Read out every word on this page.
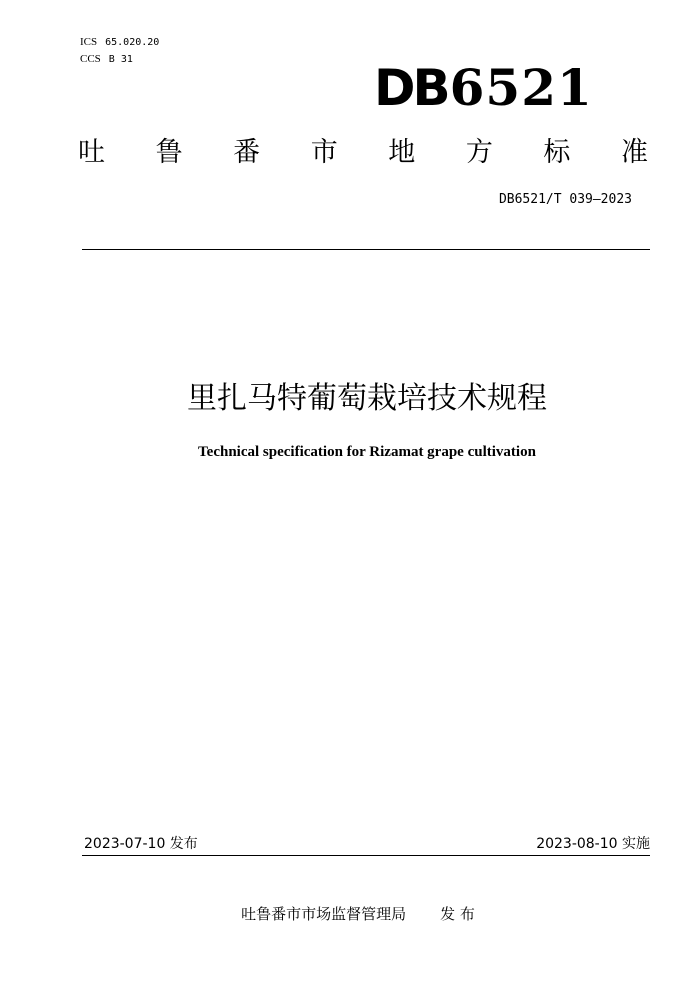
ICS 65.020.20
CCS B 31	DB6521
吐 鲁 番 市 地 方 标 准
DB6521/T 039—2023
里扎马特葡萄栽培技术规程
Technical specification for Rizamat grape cultivation
2023-07-10 发布	2023-08-10 实施
吐鲁番市市场监督管理局 发 布
